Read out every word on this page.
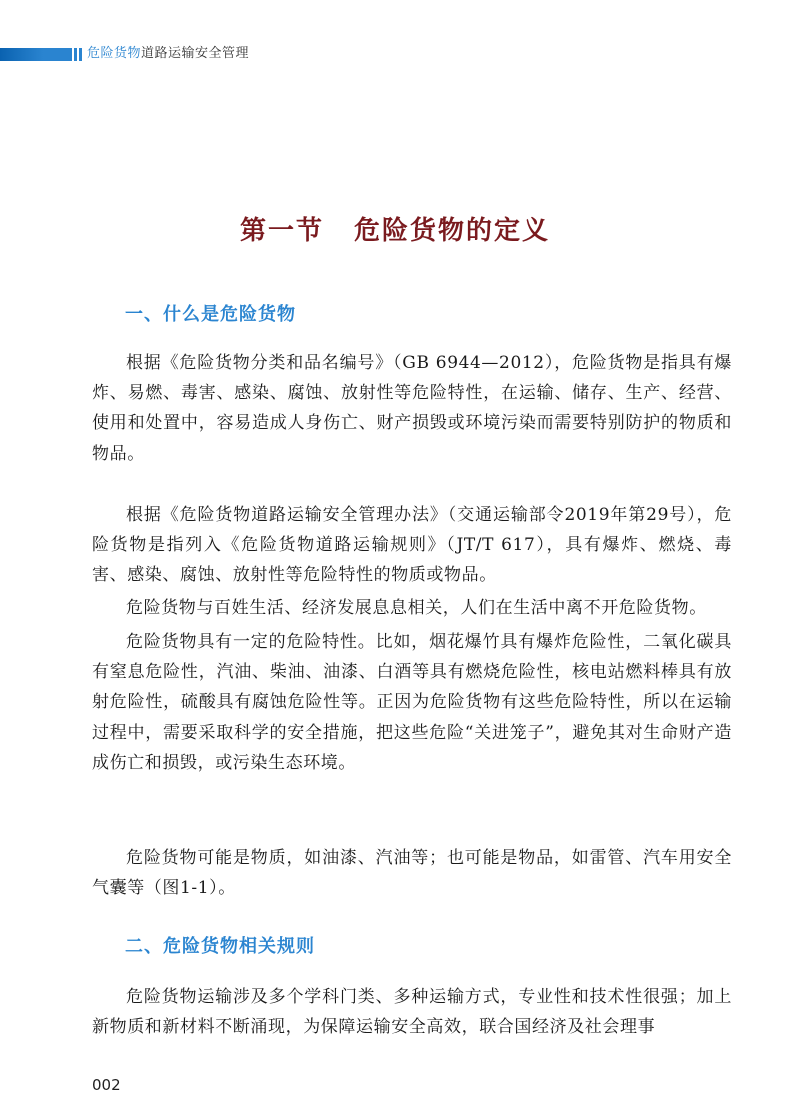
危险货物道路运输安全管理
第一节 危险货物的定义
一、什么是危险货物
根据《危险货物分类和品名编号》（GB 6944—2012），危险货物是指具有爆炸、易燃、毒害、感染、腐蚀、放射性等危险特性，在运输、储存、生产、经营、使用和处置中，容易造成人身伤亡、财产损毁或环境污染而需要特别防护的物质和物品。
根据《危险货物道路运输安全管理办法》（交通运输部令2019年第29号），危险货物是指列入《危险货物道路运输规则》（JT/T 617），具有爆炸、燃烧、毒害、感染、腐蚀、放射性等危险特性的物质或物品。
危险货物与百姓生活、经济发展息息相关，人们在生活中离不开危险货物。
危险货物具有一定的危险特性。比如，烟花爆竹具有爆炸危险性，二氧化碳具有窒息危险性，汽油、柴油、油漆、白酒等具有燃烧危险性，核电站燃料棒具有放射危险性，硫酸具有腐蚀危险性等。正因为危险货物有这些危险特性，所以在运输过程中，需要采取科学的安全措施，把这些危险“关进笼子”，避免其对生命财产造成伤亡和损毁，或污染生态环境。
危险货物可能是物质，如油漆、汽油等；也可能是物品，如雷管、汽车用安全气囊等（图1-1）。
二、危险货物相关规则
危险货物运输涉及多个学科门类、多种运输方式，专业性和技术性很强；加上新物质和新材料不断涌现，为保障运输安全高效，联合国经济及社会理事
002
